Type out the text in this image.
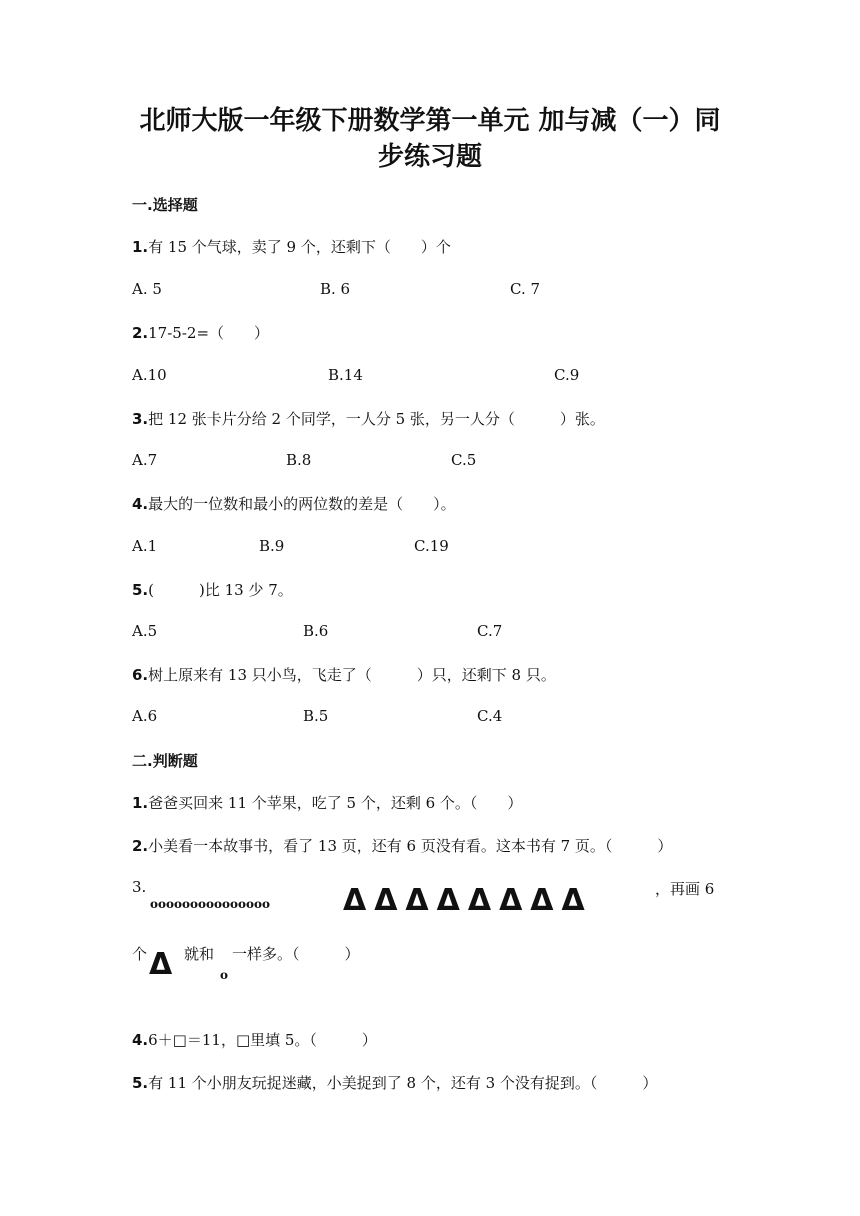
北师大版一年级下册数学第一单元 加与减（一）同
步练习题
一.选择题
1.有 15 个气球，卖了 9 个，还剩下（　　）个
A. 5	B. 6	C. 7
2.17-5-2=（　　）
A.10	B.14	C.9
3.把 12 张卡片分给 2 个同学，一人分 5 张，另一人分（　　　）张。
A.7	B.8	C.5
4.最大的一位数和最小的两位数的差是（　　）。
A.1	B.9	C.19
5.(　　　)比 13 少 7。
A.5	B.6	C.7
6.树上原来有 13 只小鸟，飞走了（　　　）只，还剩下 8 只。
A.6	B.5	C.4
二.判断题
1.爸爸买回来 11 个苹果，吃了 5 个，还剩 6 个。（　　）
2.小美看一本故事书，看了 13 页，还有 6 页没有看。这本书有 7 页。（　　　）
3.
ooooooooooooooo ΔΔΔΔΔΔΔΔ	，再画 6
个 Δ 就和
o
一样多。（　　　）
4.6＋□＝11，□里填 5。（　　　）
5.有 11 个小朋友玩捉迷藏，小美捉到了 8 个，还有 3 个没有捉到。（　　　）
